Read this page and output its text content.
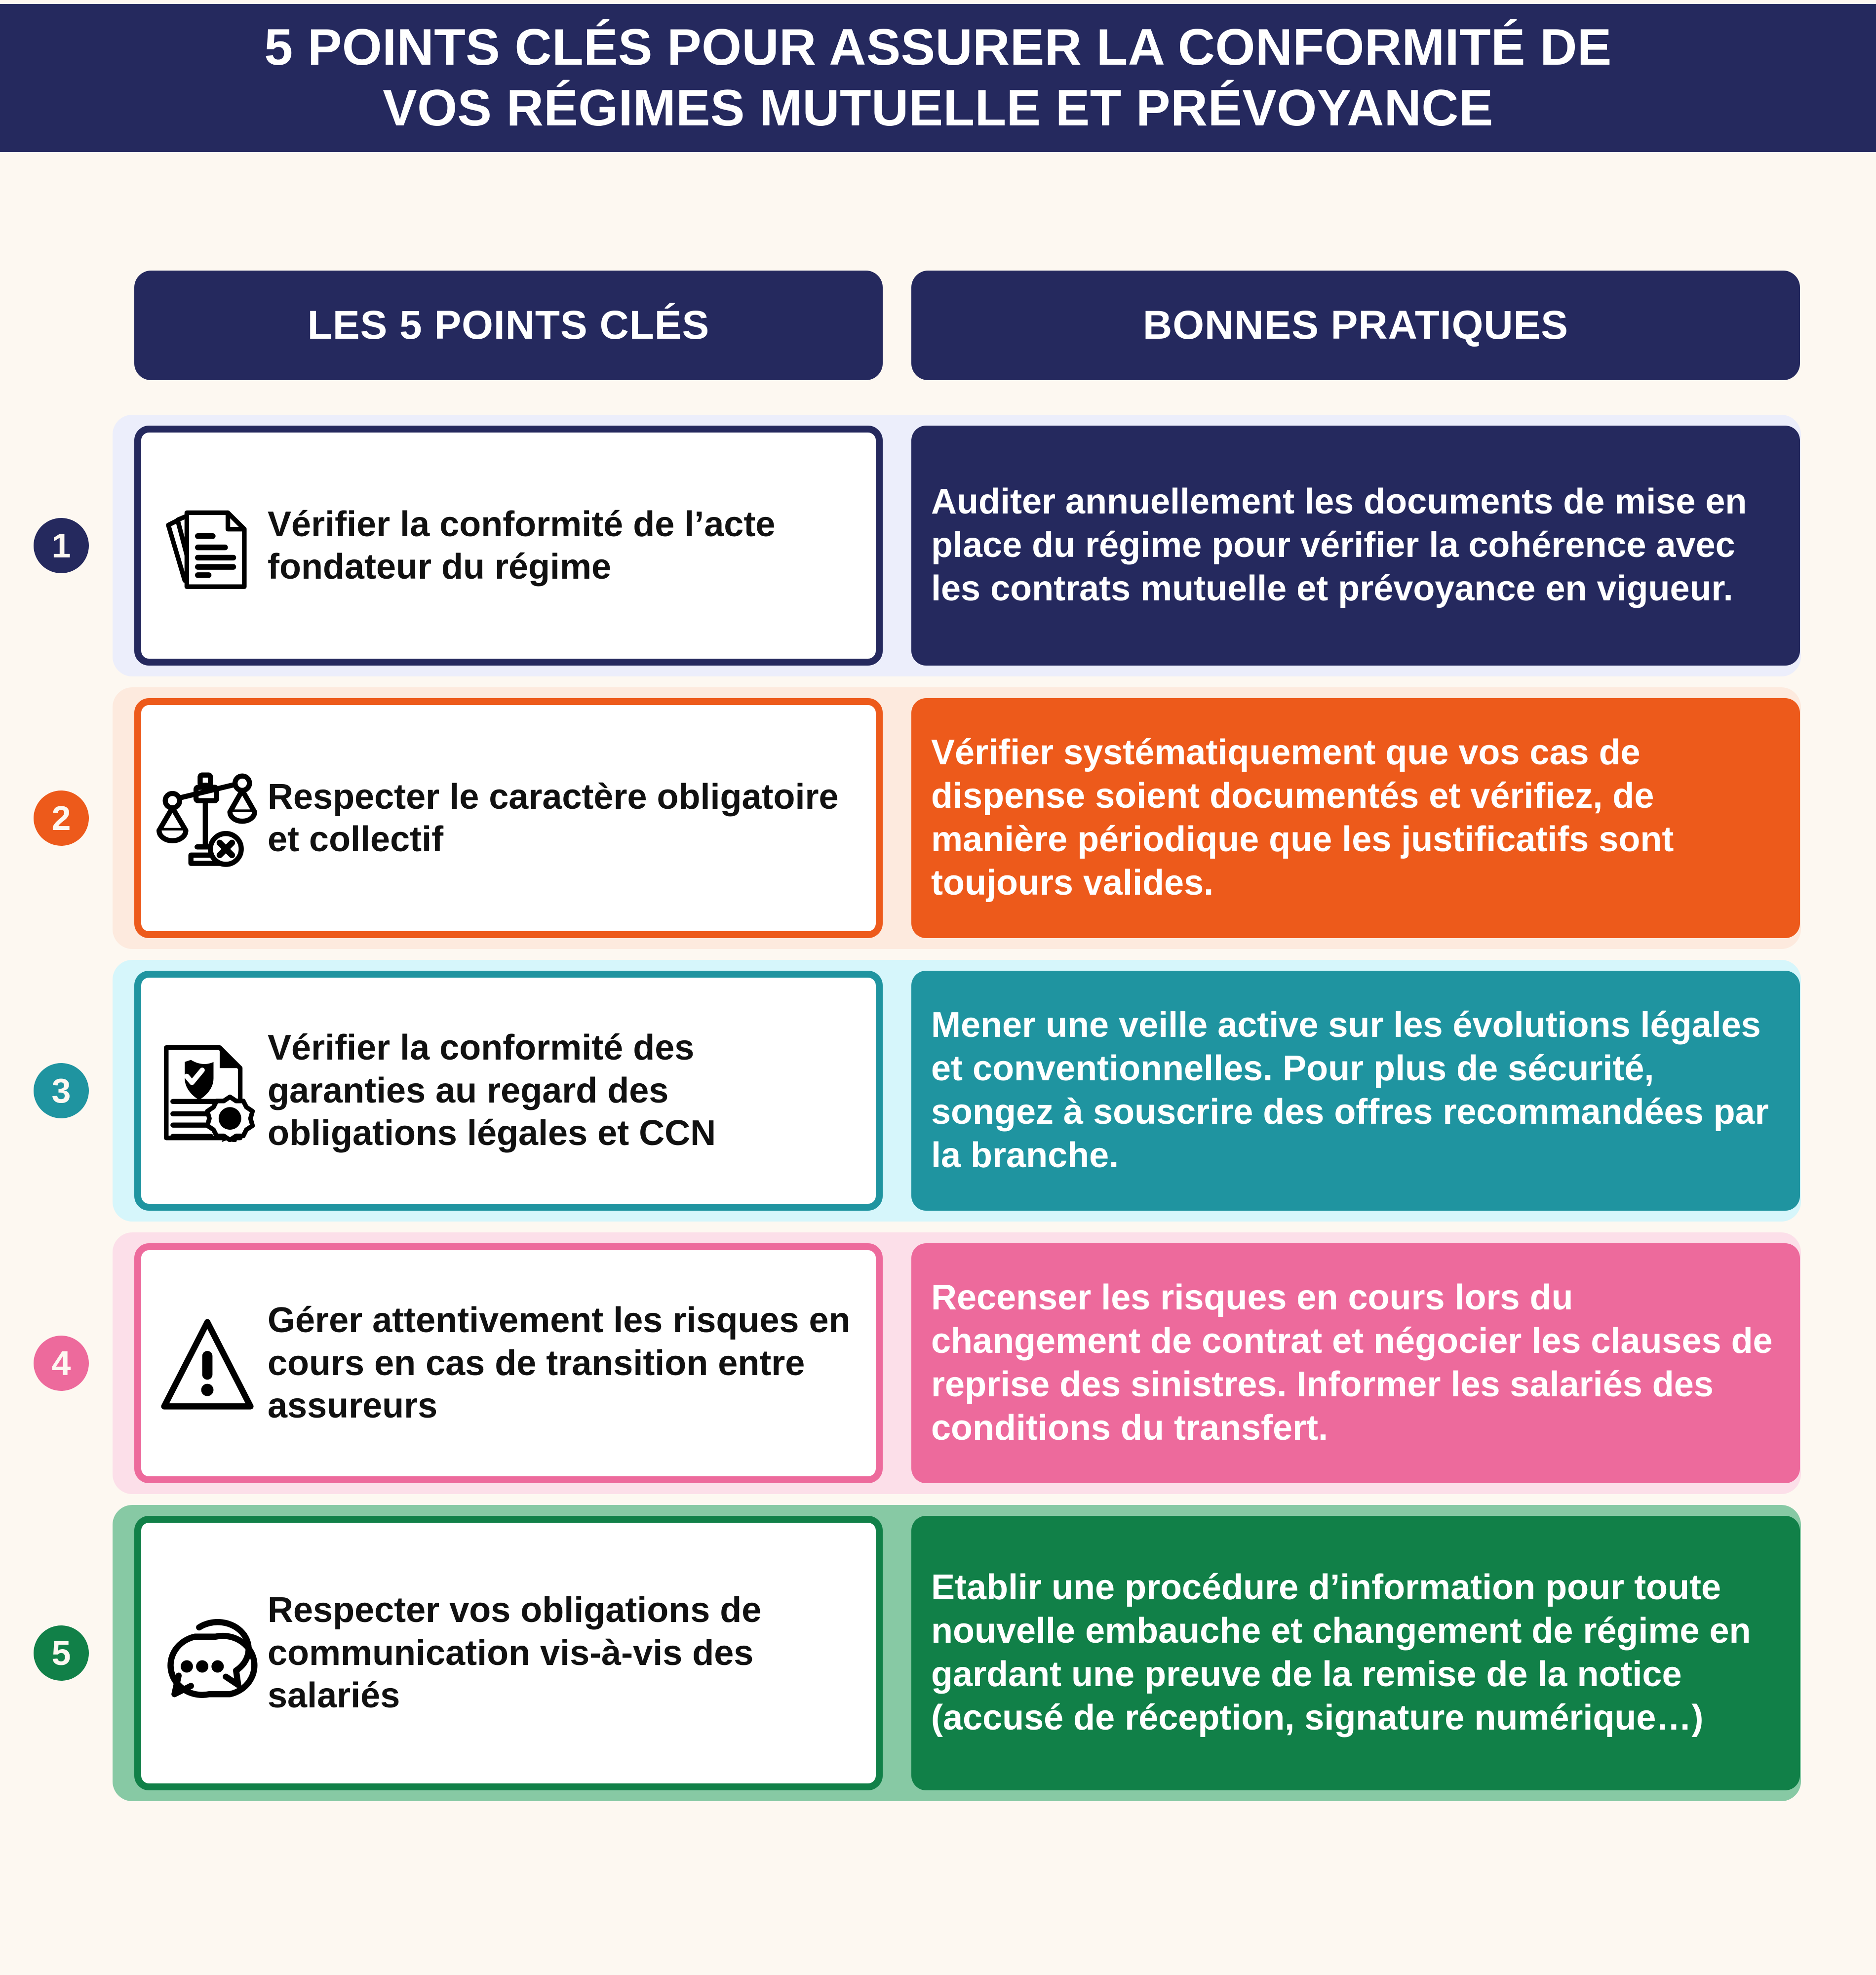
5 POINTS CLÉS POUR ASSURER LA CONFORMITÉ DE VOS RÉGIMES MUTUELLE ET PRÉVOYANCE
LES 5 POINTS CLÉS	BONNES PRATIQUES
1
Vérifier la conformité de l’acte fondateur du régime
Auditer annuellement les documents de mise en place du régime pour vérifier la cohérence avec les contrats mutuelle et prévoyance en vigueur.
2
Respecter le caractère obligatoire et collectif
Vérifier systématiquement que vos cas de dispense soient documentés et vérifiez, de manière périodique que les justificatifs sont toujours valides.
3
Vérifier la conformité des garanties au regard des obligations légales et CCN
Mener une veille active sur les évolutions légales et conventionnelles. Pour plus de sécurité, songez à souscrire des offres recommandées par la branche.
4
Gérer attentivement les risques en cours en cas de transition entre assureurs
Recenser les risques en cours lors du changement de contrat et négocier les clauses de reprise des sinistres. Informer les salariés des conditions du transfert.
5
Respecter vos obligations de communication vis-à-vis des salariés
Etablir une procédure d’information pour toute nouvelle embauche et changement de régime en gardant une preuve de la remise de la notice (accusé de réception, signature numérique…)
